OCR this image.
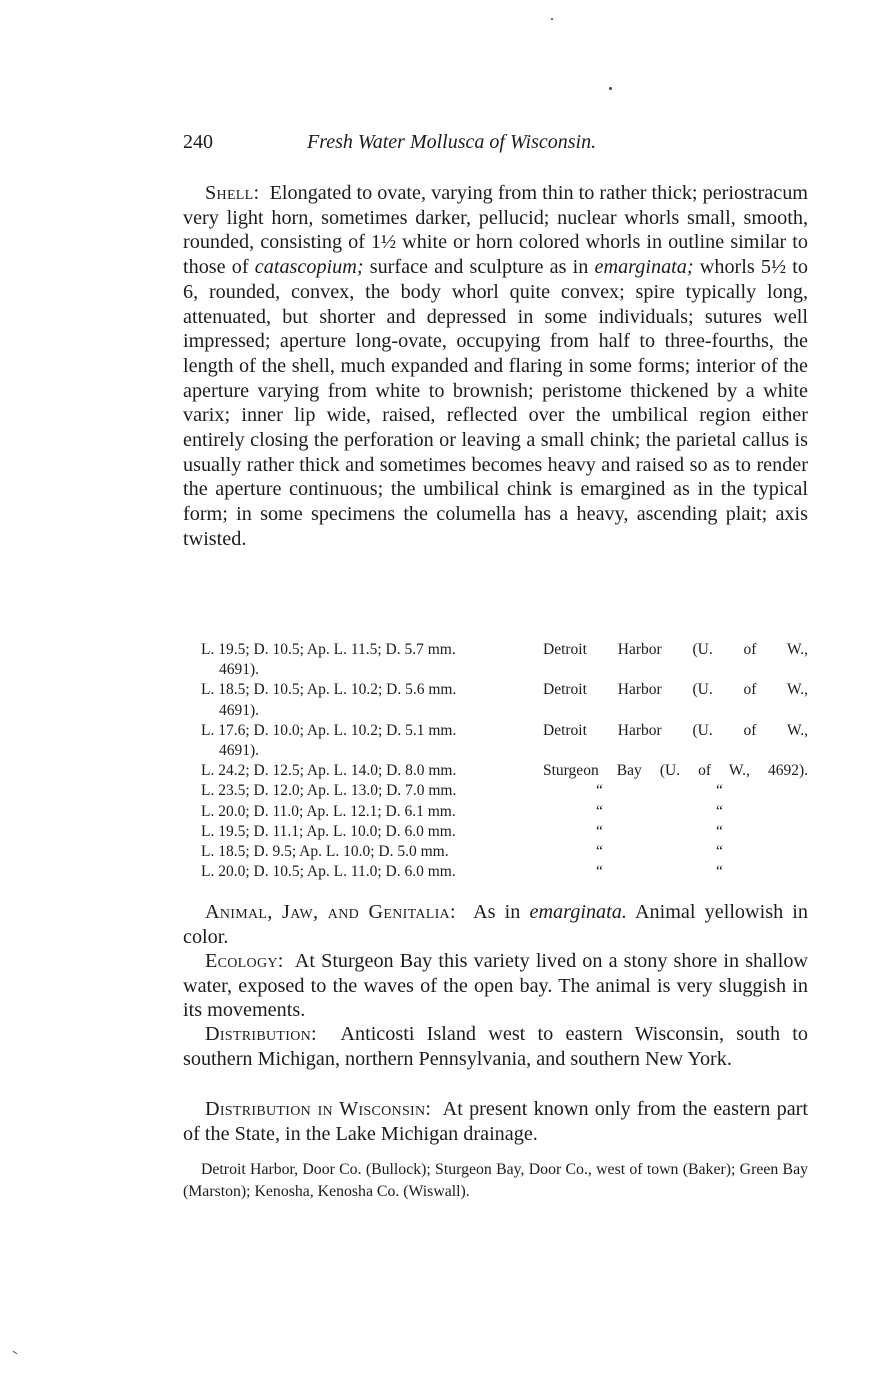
240	Fresh Water Mollusca of Wisconsin.
Shell: Elongated to ovate, varying from thin to rather thick; periostracum very light horn, sometimes darker, pellucid; nuclear whorls small, smooth, rounded, consisting of 1½ white or horn colored whorls in outline similar to those of catascopium; surface and sculpture as in emarginata; whorls 5½ to 6, rounded, convex, the body whorl quite convex; spire typically long, attenuated, but shorter and depressed in some individuals; sutures well impressed; aperture long-ovate, occupying from half to three-fourths, the length of the shell, much expanded and flaring in some forms; interior of the aperture varying from white to brownish; peristome thickened by a white varix; inner lip wide, raised, reflected over the umbilical region either entirely closing the perforation or leaving a small chink; the parietal callus is usually rather thick and sometimes becomes heavy and raised so as to render the aperture continuous; the umbilical chink is emargined as in the typical form; in some specimens the columella has a heavy, ascending plait; axis twisted.
L. 19.5; D. 10.5; Ap. L. 11.5; D. 5.7 mm.	Detroit Harbor (U. of W.,
4691).
L. 18.5; D. 10.5; Ap. L. 10.2; D. 5.6 mm.	Detroit Harbor (U. of W.,
4691).
L. 17.6; D. 10.0; Ap. L. 10.2; D. 5.1 mm.	Detroit Harbor (U. of W.,
4691).
L. 24.2; D. 12.5; Ap. L. 14.0; D. 8.0 mm.	Sturgeon Bay (U. of W., 4692).
L. 23.5; D. 12.0; Ap. L. 13.0; D. 7.0 mm.	“	“
L. 20.0; D. 11.0; Ap. L. 12.1; D. 6.1 mm.	“	“
L. 19.5; D. 11.1; Ap. L. 10.0; D. 6.0 mm.	“	“
L. 18.5; D. 9.5; Ap. L. 10.0; D. 5.0 mm.	“	“
L. 20.0; D. 10.5; Ap. L. 11.0; D. 6.0 mm.	“	“
Animal, Jaw, and Genitalia: As in emarginata. Animal yellowish in color.
Ecology: At Sturgeon Bay this variety lived on a stony shore in shallow water, exposed to the waves of the open bay. The animal is very sluggish in its movements.
Distribution: Anticosti Island west to eastern Wisconsin, south to southern Michigan, northern Pennsylvania, and southern New York.
Distribution in Wisconsin: At present known only from the eastern part of the State, in the Lake Michigan drainage.
Detroit Harbor, Door Co. (Bullock); Sturgeon Bay, Door Co., west of town (Baker); Green Bay (Marston); Kenosha, Kenosha Co. (Wiswall).
